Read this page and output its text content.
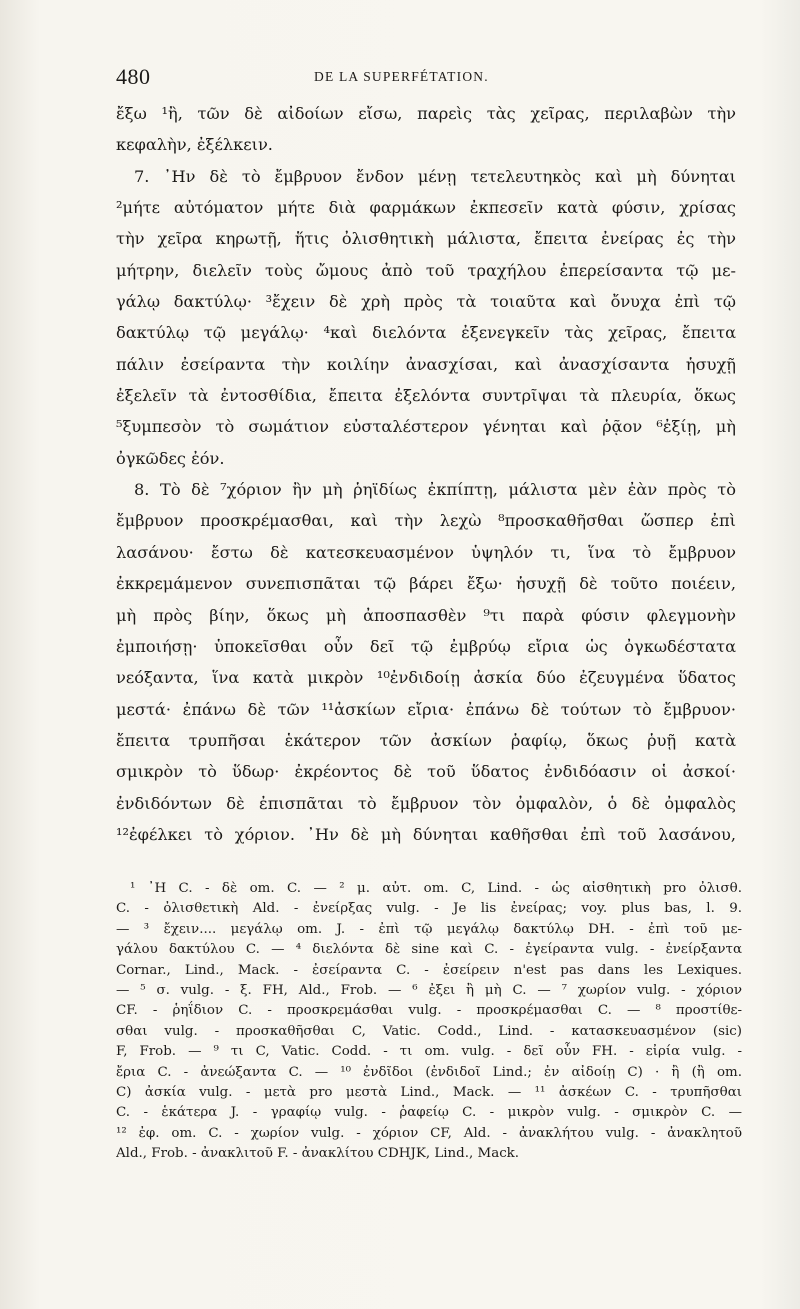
480	DE LA SUPERFÉTATION.
ἔξω ¹ἢ, τῶν δὲ αἰδοίων εἴσω, παρεὶς τὰς χεῖρας, περιλαβὼν τὴν
κεφαλὴν, ἐξέλκειν.
7. ᾿Ην δὲ τὸ ἔμβρυον ἔνδον μένῃ τετελευτηκὸς καὶ μὴ δύνηται
²μήτε αὐτόματον μήτε διὰ φαρμάκων ἐκπεσεῖν κατὰ φύσιν, χρίσας
τὴν χεῖρα κηρωτῇ, ἥτις ὀλισθητικὴ μάλιστα, ἔπειτα ἐνείρας ἐς τὴν
μήτρην, διελεῖν τοὺς ὤμους ἀπὸ τοῦ τραχήλου ἐπερείσαντα τῷ με-
γάλῳ δακτύλῳ· ³ἔχειν δὲ χρὴ πρὸς τὰ τοιαῦτα καὶ ὄνυχα ἐπὶ τῷ
δακτύλῳ τῷ μεγάλῳ· ⁴καὶ διελόντα ἐξενεγκεῖν τὰς χεῖρας, ἔπειτα
πάλιν ἐσείραντα τὴν κοιλίην ἀνασχίσαι, καὶ ἀνασχίσαντα ἡσυχῇ
ἐξελεῖν τὰ ἐντοσθίδια, ἔπειτα ἐξελόντα συντρῖψαι τὰ πλευρία, ὅκως
⁵ξυμπεσὸν τὸ σωμάτιον εὐσταλέστερον γένηται καὶ ῥᾷον ⁶ἐξίῃ, μὴ
ὀγκῶδες ἐόν.
8. Τὸ δὲ ⁷χόριον ἢν μὴ ῥηϊδίως ἐκπίπτῃ, μάλιστα μὲν ἐὰν πρὸς τὸ
ἔμβρυον προσκρέμασθαι, καὶ τὴν λεχὼ ⁸προσκαθῆσθαι ὥσπερ ἐπὶ
λασάνου· ἔστω δὲ κατεσκευασμένον ὑψηλόν τι, ἵνα τὸ ἔμβρυον
ἐκκρεμάμενον συνεπισπᾶται τῷ βάρει ἔξω· ἡσυχῇ δὲ τοῦτο ποιέειν,
μὴ πρὸς βίην, ὅκως μὴ ἀποσπασθὲν ⁹τι παρὰ φύσιν φλεγμονὴν
ἐμποιήσῃ· ὑποκεῖσθαι οὖν δεῖ τῷ ἐμβρύῳ εἴρια ὡς ὀγκωδέστατα
νεόξαντα, ἵνα κατὰ μικρὸν ¹⁰ἐνδιδοίῃ ἀσκία δύο ἐζευγμένα ὕδατος
μεστά· ἐπάνω δὲ τῶν ¹¹ἀσκίων εἴρια· ἐπάνω δὲ τούτων τὸ ἔμβρυον·
ἔπειτα τρυπῆσαι ἑκάτερον τῶν ἀσκίων ῥαφίῳ, ὅκως ῥυῇ κατὰ
σμικρὸν τὸ ὕδωρ· ἐκρέοντος δὲ τοῦ ὕδατος ἐνδιδόασιν οἱ ἀσκοί·
ἐνδιδόντων δὲ ἐπισπᾶται τὸ ἔμβρυον τὸν ὀμφαλὸν, ὁ δὲ ὀμφαλὸς
¹²ἐφέλκει τὸ χόριον. ᾿Ην δὲ μὴ δύνηται καθῆσθαι ἐπὶ τοῦ λασάνου,
¹ ᾿Η C. - δὲ om. C. — ² μ. αὐτ. om. C, Lind. - ὡς αἰσθητικὴ pro ὀλισθ.
C. - ὀλισθετικὴ Ald. - ἐνείρξας vulg. - Je lis ἐνείρας; voy. plus bas, l. 9.
— ³ ἔχειν.... μεγάλῳ om. J. - ἐπὶ τῷ μεγάλῳ δακτύλῳ DH. - ἐπὶ τοῦ με-
γάλου δακτύλου C. — ⁴ διελόντα δὲ sine καὶ C. - ἐγείραντα vulg. - ἐνείρξαντα
Cornar., Lind., Mack. - ἐσείραντα C. - ἐσείρειν n'est pas dans les Lexiques.
— ⁵ σ. vulg. - ξ. FH, Ald., Frob. — ⁶ ἐξει ἢ μὴ C. — ⁷ χωρίον vulg. - χόριον
CF. - ῥηΐδιον C. - προσκρεμάσθαι vulg. - προσκρέμασθαι C. — ⁸ προστίθε-
σθαι vulg. - προσκαθῆσθαι C, Vatic. Codd., Lind. - κατασκευασμένον (sic)
F, Frob. — ⁹ τι C, Vatic. Codd. - τι om. vulg. - δεῖ οὖν FH. - εἰρία vulg. -
ἔρια C. - ἀνεώξαντα C. — ¹⁰ ἐνδῖδοι (ἐνδιδοῖ Lind.; ἐν αἰδοίῃ C) · ἢ (ἢ om.
C) ἀσκία vulg. - μετὰ pro μεστὰ Lind., Mack. — ¹¹ ἀσκέων C. - τρυπῆσθαι
C. - ἑκάτερα J. - γραφίῳ vulg. - ῥαφείῳ C. - μικρὸν vulg. - σμικρὸν C. —
¹² ἐφ. om. C. - χωρίον vulg. - χόριον CF, Ald. - ἀνακλήτου vulg. - ἀνακλητοῦ
Ald., Frob. - ἀνακλιτοῦ F. - ἀνακλίτου CDHJK, Lind., Mack.
